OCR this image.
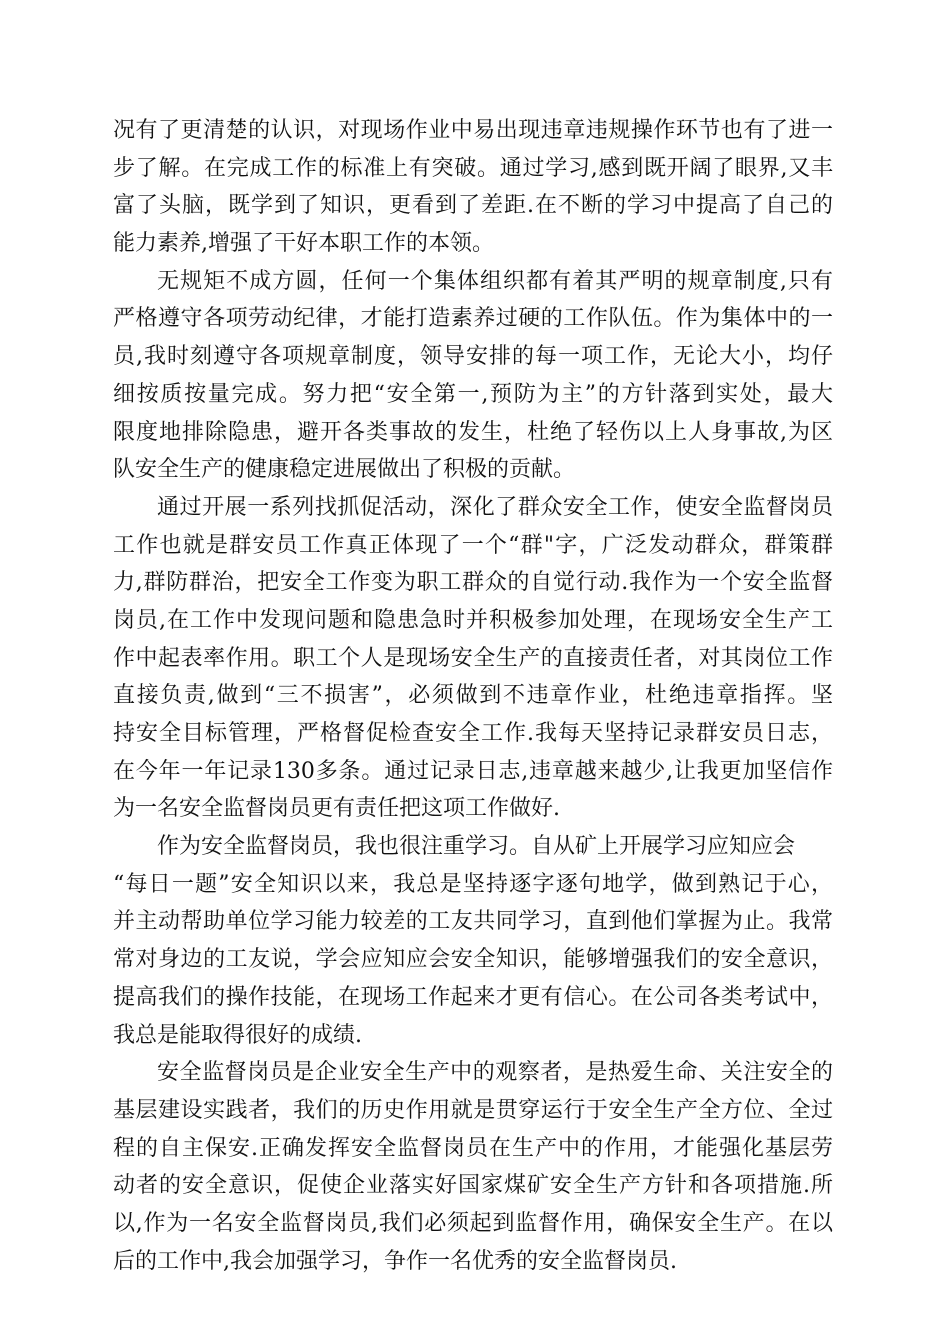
况有了更清楚的认识，对现场作业中易出现违章违规操作环节也有了进一
步了解。在完成工作的标准上有突破。通过学习,感到既开阔了眼界,又丰
富了头脑，既学到了知识，更看到了差距.在不断的学习中提高了自己的
能力素养,增强了干好本职工作的本领。
无规矩不成方圆，任何一个集体组织都有着其严明的规章制度,只有
严格遵守各项劳动纪律，才能打造素养过硬的工作队伍。作为集体中的一
员,我时刻遵守各项规章制度，领导安排的每一项工作，无论大小，均仔
细按质按量完成。努力把“安全第一,预防为主”的方针落到实处，最大
限度地排除隐患，避开各类事故的发生，杜绝了轻伤以上人身事故,为区
队安全生产的健康稳定进展做出了积极的贡献。
通过开展一系列找抓促活动，深化了群众安全工作，使安全监督岗员
工作也就是群安员工作真正体现了一个“群"字，广泛发动群众，群策群
力,群防群治，把安全工作变为职工群众的自觉行动.我作为一个安全监督
岗员,在工作中发现问题和隐患急时并积极参加处理，在现场安全生产工
作中起表率作用。职工个人是现场安全生产的直接责任者，对其岗位工作
直接负责,做到“三不损害”，必须做到不违章作业，杜绝违章指挥。坚
持安全目标管理，严格督促检查安全工作.我每天坚持记录群安员日志，
在今年一年记录130多条。通过记录日志,违章越来越少,让我更加坚信作
为一名安全监督岗员更有责任把这项工作做好.
作为安全监督岗员，我也很注重学习。自从矿上开展学习应知应会
“每日一题”安全知识以来，我总是坚持逐字逐句地学，做到熟记于心，
并主动帮助单位学习能力较差的工友共同学习，直到他们掌握为止。我常
常对身边的工友说，学会应知应会安全知识，能够增强我们的安全意识，
提高我们的操作技能，在现场工作起来才更有信心。在公司各类考试中，
我总是能取得很好的成绩.
安全监督岗员是企业安全生产中的观察者，是热爱生命、关注安全的
基层建设实践者，我们的历史作用就是贯穿运行于安全生产全方位、全过
程的自主保安.正确发挥安全监督岗员在生产中的作用，才能强化基层劳
动者的安全意识，促使企业落实好国家煤矿安全生产方针和各项措施.所
以,作为一名安全监督岗员,我们必须起到监督作用，确保安全生产。在以
后的工作中,我会加强学习，争作一名优秀的安全监督岗员.
